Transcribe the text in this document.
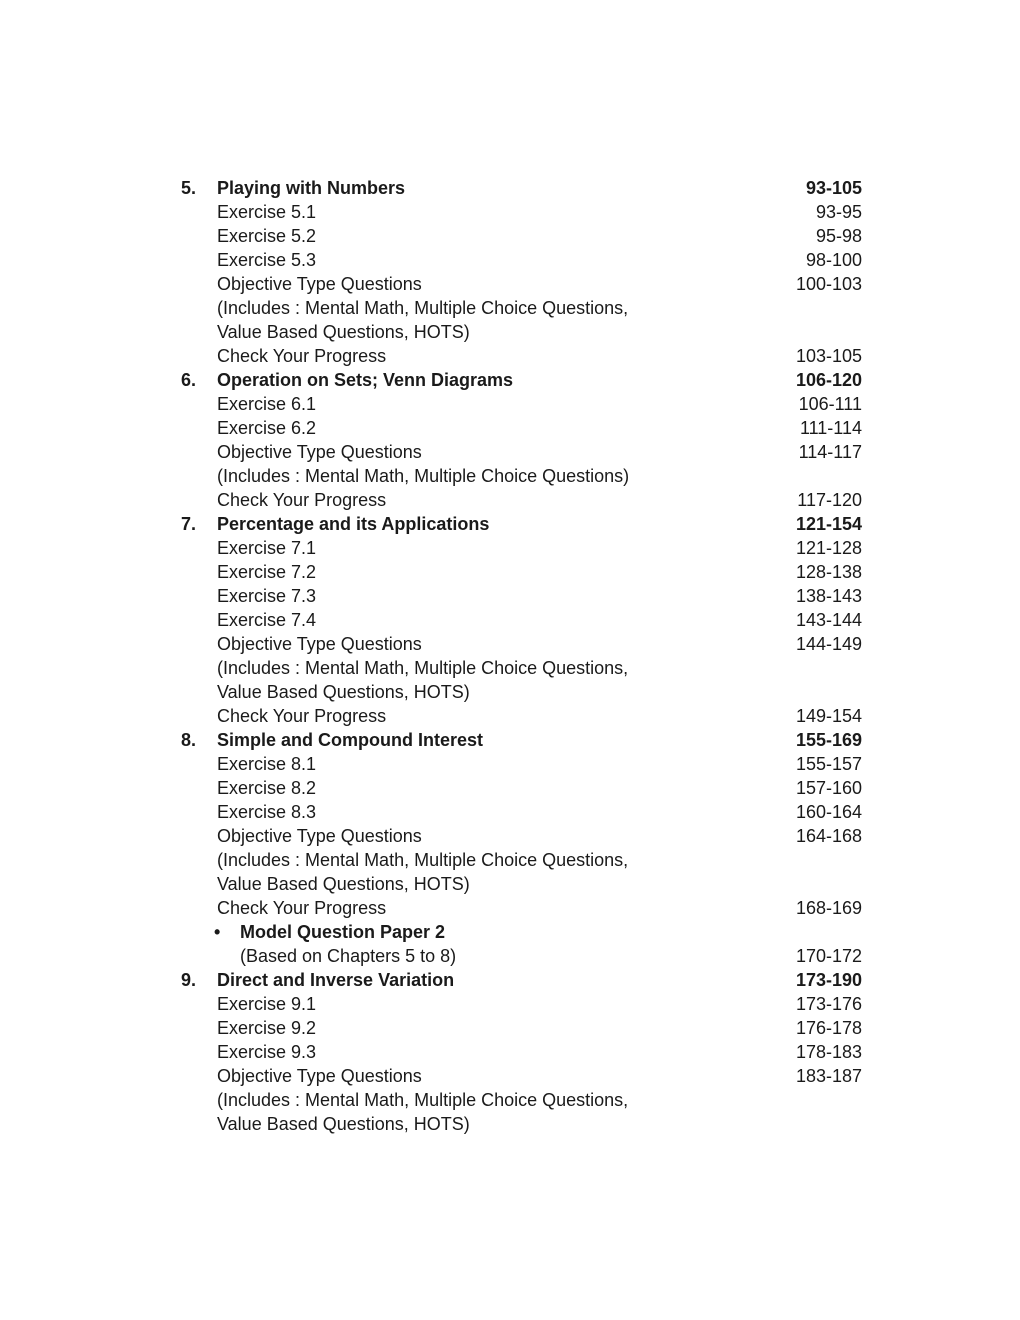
5. Playing with Numbers	93-105
Exercise 5.1	93-95
Exercise 5.2	95-98
Exercise 5.3	98-100
Objective Type Questions	100-103
(Includes : Mental Math, Multiple Choice Questions,
Value Based Questions, HOTS)
Check Your Progress	103-105
6. Operation on Sets; Venn Diagrams	106-120
Exercise 6.1	106-111
Exercise 6.2	111-114
Objective Type Questions	114-117
(Includes : Mental Math, Multiple Choice Questions)
Check Your Progress	117-120
7. Percentage and its Applications	121-154
Exercise 7.1	121-128
Exercise 7.2	128-138
Exercise 7.3	138-143
Exercise 7.4	143-144
Objective Type Questions	144-149
(Includes : Mental Math, Multiple Choice Questions,
Value Based Questions, HOTS)
Check Your Progress	149-154
8. Simple and Compound Interest	155-169
Exercise 8.1	155-157
Exercise 8.2	157-160
Exercise 8.3	160-164
Objective Type Questions	164-168
(Includes : Mental Math, Multiple Choice Questions,
Value Based Questions, HOTS)
Check Your Progress	168-169
• Model Question Paper 2
(Based on Chapters 5 to 8)	170-172
9. Direct and Inverse Variation	173-190
Exercise 9.1	173-176
Exercise 9.2	176-178
Exercise 9.3	178-183
Objective Type Questions	183-187
(Includes : Mental Math, Multiple Choice Questions,
Value Based Questions, HOTS)
